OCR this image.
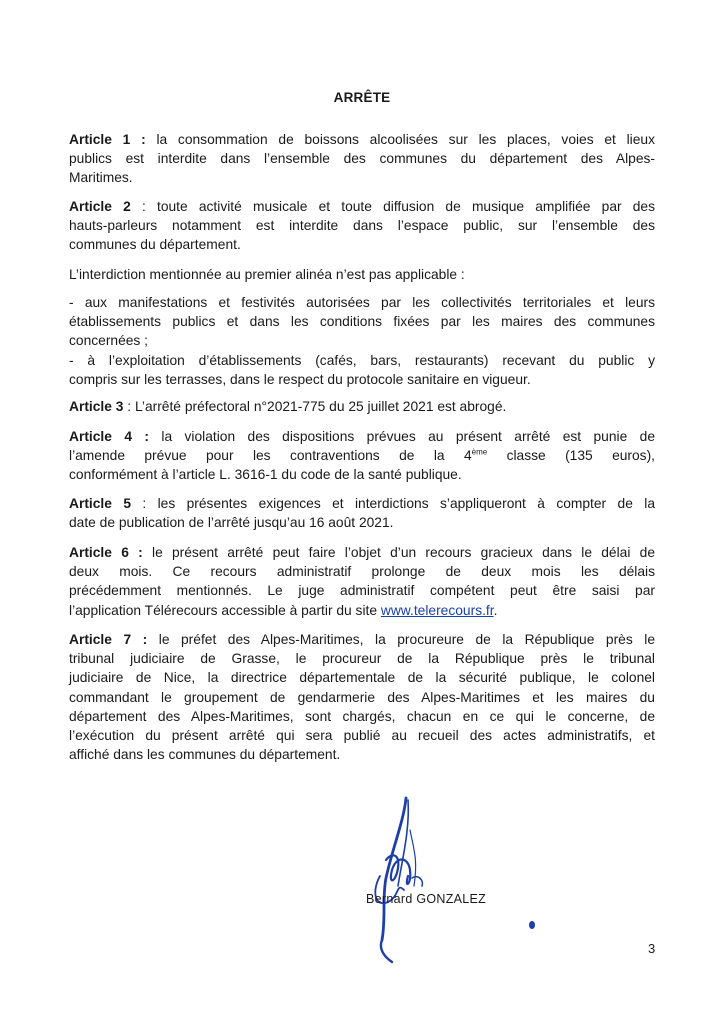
ARRÊTE
Article 1 : la consommation de boissons alcoolisées sur les places, voies et lieux
publics est interdite dans l’ensemble des communes du département des Alpes-
Maritimes.
Article 2 : toute activité musicale et toute diffusion de musique amplifiée par des
hauts-parleurs notamment est interdite dans l’espace public, sur l’ensemble des
communes du département.
L’interdiction mentionnée au premier alinéa n’est pas applicable :
- aux manifestations et festivités autorisées par les collectivités territoriales et leurs
établissements publics et dans les conditions fixées par les maires des communes
concernées ;
- à l’exploitation d’établissements (cafés, bars, restaurants) recevant du public y
compris sur les terrasses, dans le respect du protocole sanitaire en vigueur.
Article 3 : L’arrêté préfectoral n°2021-775 du 25 juillet 2021 est abrogé.
Article 4 : la violation des dispositions prévues au présent arrêté est punie de
l’amende prévue pour les contraventions de la 4ème classe (135 euros),
conformément à l’article L. 3616-1 du code de la santé publique.
Article 5 : les présentes exigences et interdictions s’appliqueront à compter de la
date de publication de l’arrêté jusqu’au 16 août 2021.
Article 6 : le présent arrêté peut faire l’objet d’un recours gracieux dans le délai de
deux mois. Ce recours administratif prolonge de deux mois les délais
précédemment mentionnés. Le juge administratif compétent peut être saisi par
l’application Télérecours accessible à partir du site www.telerecours.fr.
Article 7 : le préfet des Alpes-Maritimes, la procureure de la République près le
tribunal judiciaire de Grasse, le procureur de la République près le tribunal
judiciaire de Nice, la directrice départementale de la sécurité publique, le colonel
commandant le groupement de gendarmerie des Alpes-Maritimes et les maires du
département des Alpes-Maritimes, sont chargés, chacun en ce qui le concerne, de
l’exécution du présent arrêté qui sera publié au recueil des actes administratifs, et
affiché dans les communes du département.
Bernard GONZALEZ
3
